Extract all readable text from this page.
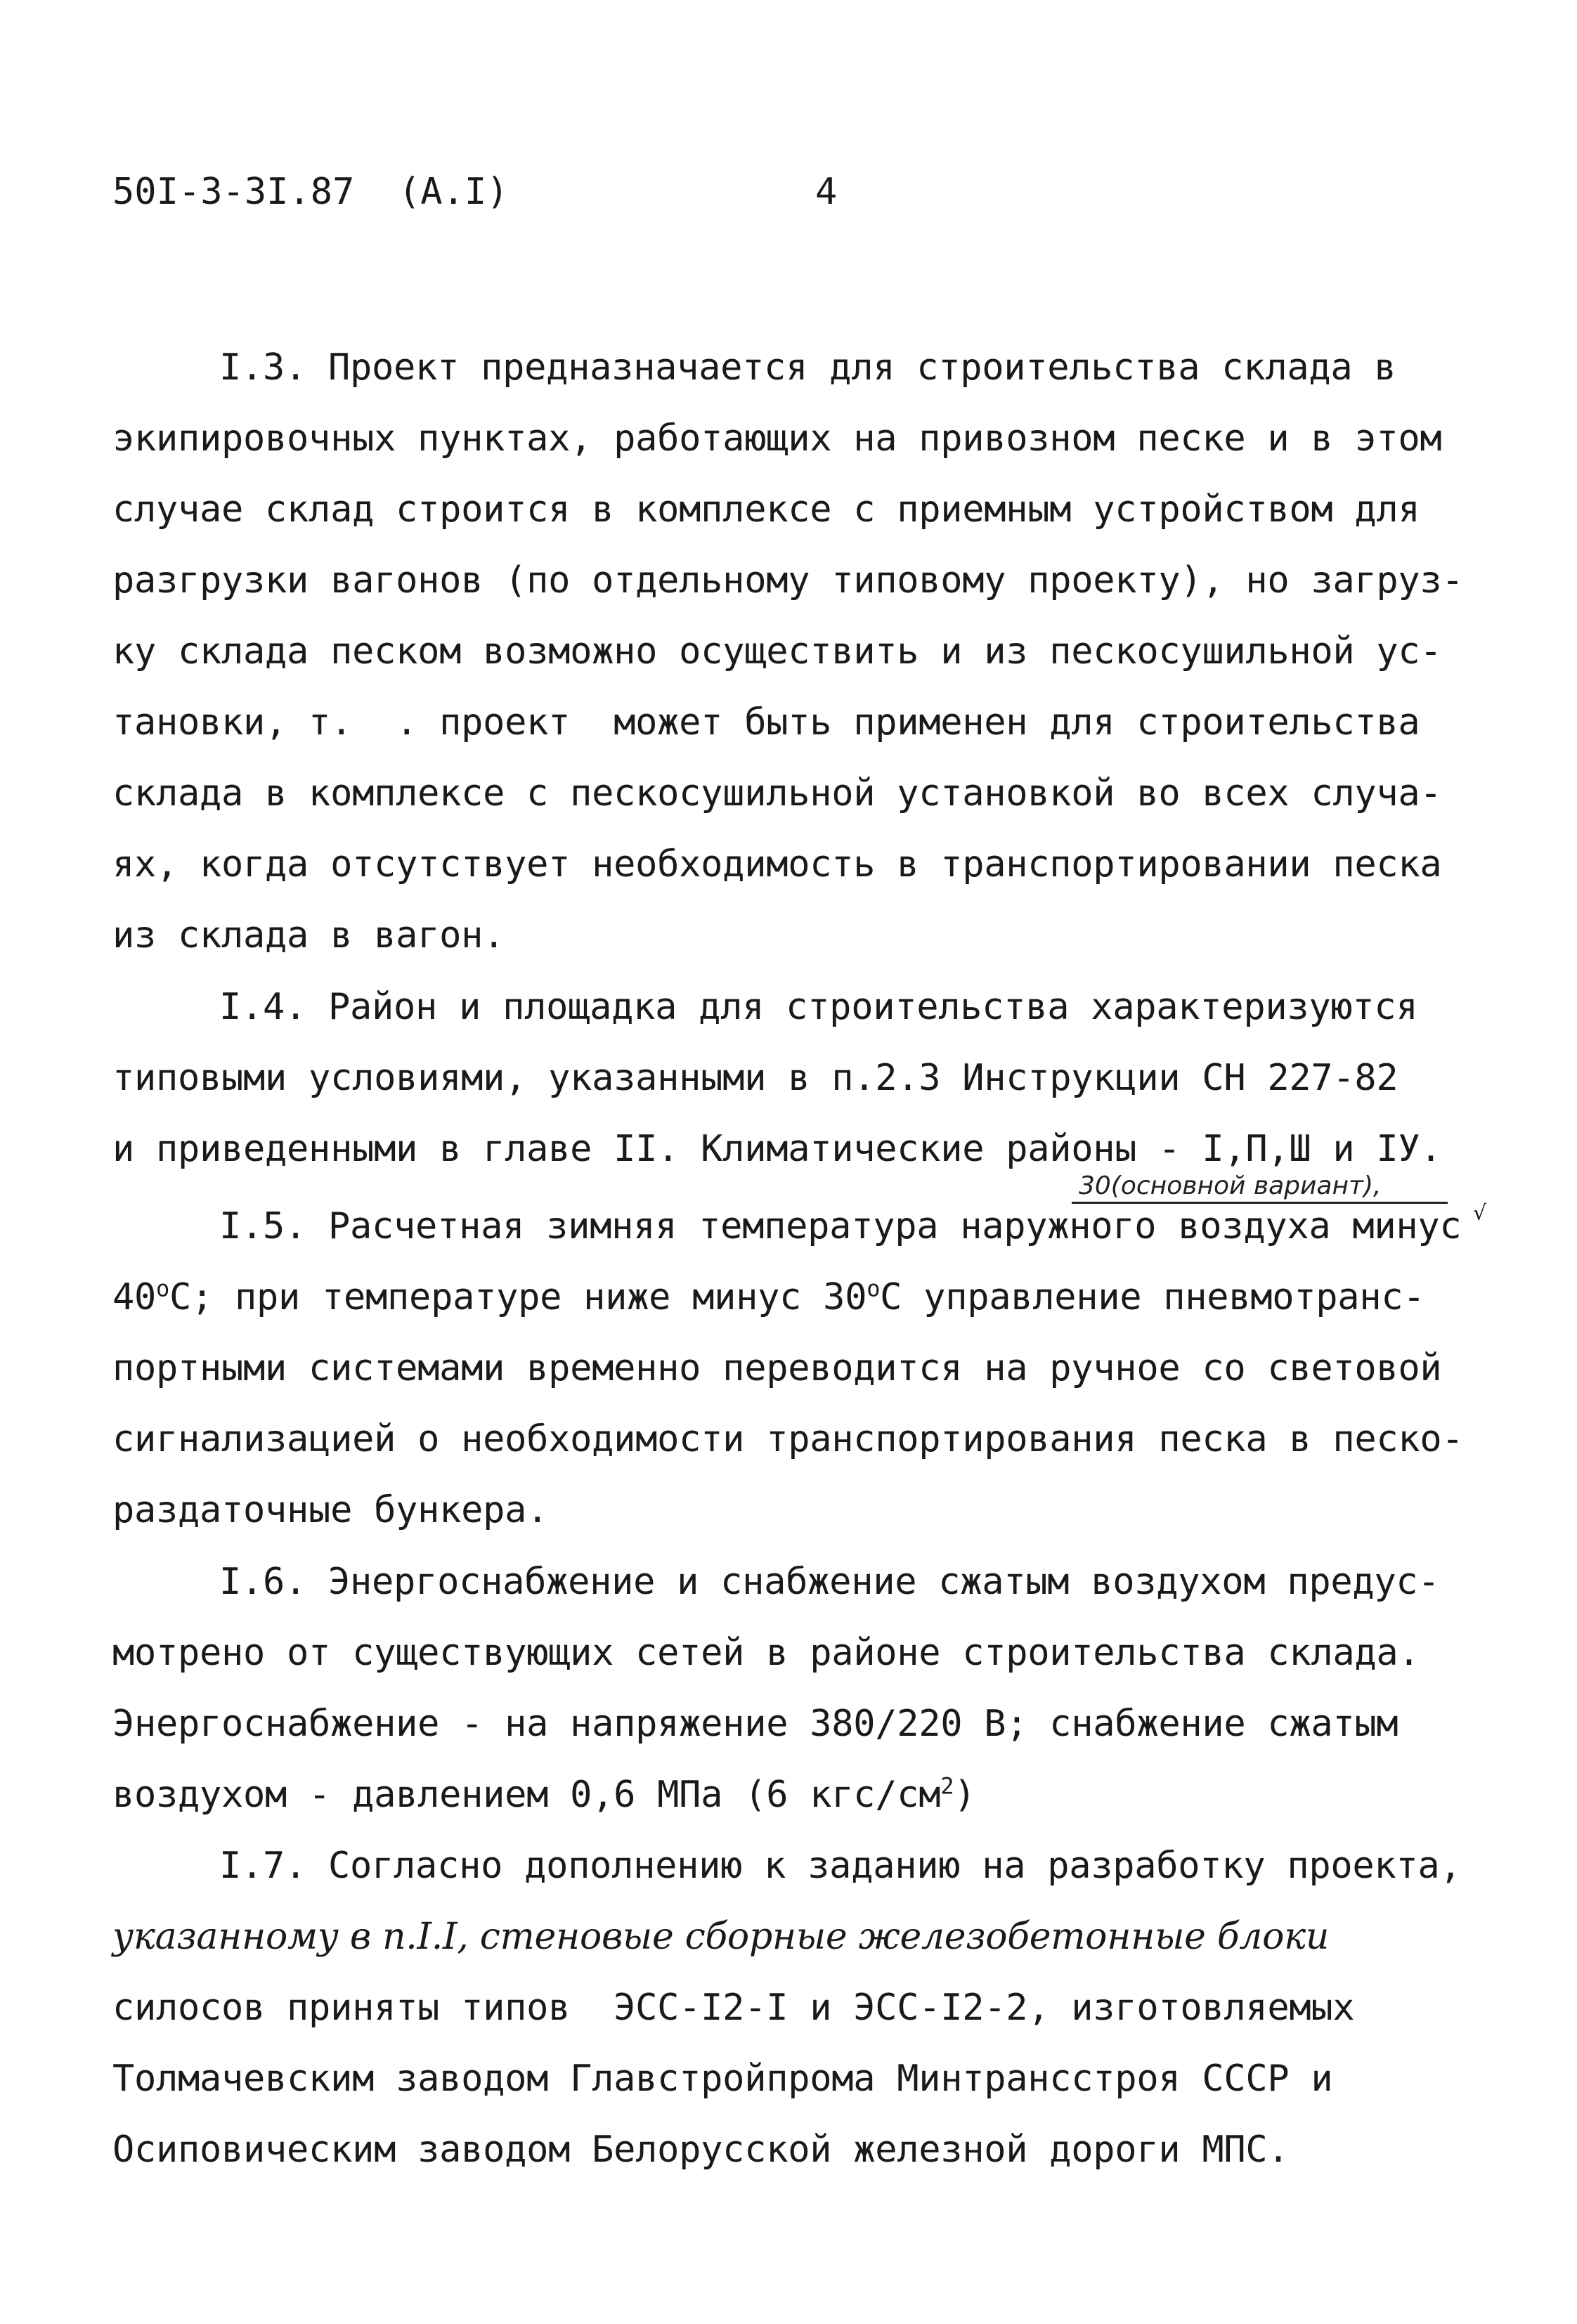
50I-3-3I.87  (А.I)	4
I.3. Проект предназначается для строительства склада в
экипировочных пунктах, работающих на привозном песке и в этом
случае склад строится в комплексе с приемным устройством для
разгрузки вагонов (по отдельному типовому проекту), но загруз-
ку склада песком возможно осуществить и из пескосушильной ус-
тановки, т.  . проект  может быть применен для строительства
склада в комплексе с пескосушильной установкой во всех случа-
ях, когда отсутствует необходимость в транспортировании песка
из склада в вагон.
I.4. Район и площадка для строительства характеризуются
типовыми условиями, указанными в п.2.3 Инструкции СН 227-82
и приведенными в главе II. Климатические районы - I,П,Ш и IУ.
30(основной вариант),
√
I.5. Расчетная зимняя температура наружного воздуха минус
$40^оС$; при температуре ниже минус $30^оС$ управление пневмотранс-
портными системами временно переводится на ручное со световой
сигнализацией о необходимости транспортирования песка в песко-
раздаточные бункера.
I.6. Энергоснабжение и снабжение сжатым воздухом предус-
мотрено от существующих сетей в районе строительства склада.
Энергоснабжение - на напряжение 380/220 В; снабжение сжатым
воздухом - давлением 0,6 МПа (6 кгс/$см^2$)
I.7. Согласно дополнению к заданию на разработку проекта,
указанному в п.I.I, стеновые сборные железобетонные блоки
силосов приняты типов  ЭСС-I2-I и ЭСС-I2-2, изготовляемых
Толмачевским заводом Главстройпрома Минтрансстроя СССР и
Осиповическим заводом Белорусской железной дороги МПС.
